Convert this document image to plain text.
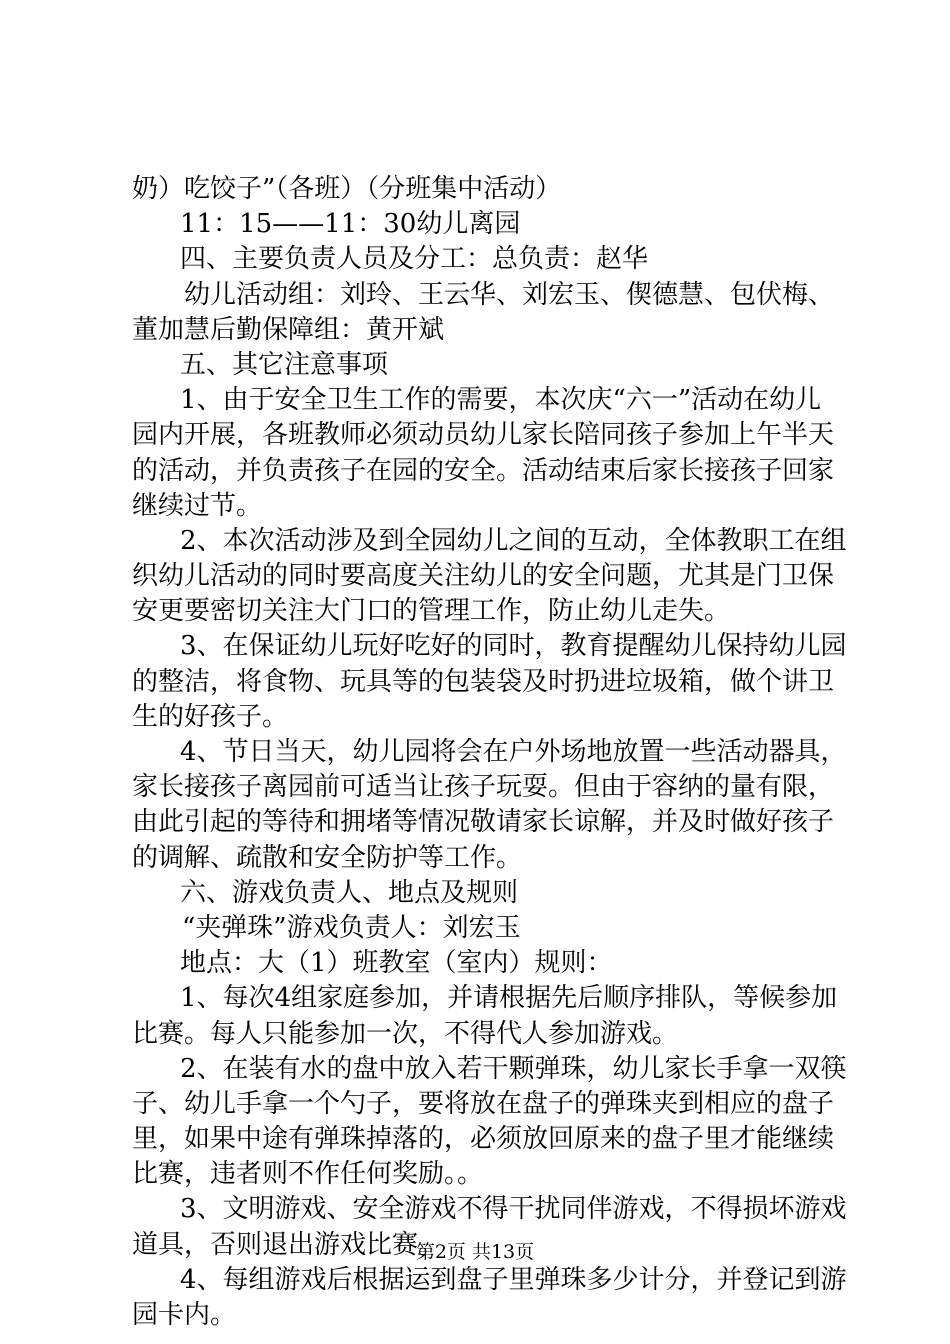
奶）吃饺子”（各班）（分班集中活动）
11：15——11：30幼儿离园
四、主要负责人员及分工：总负责：赵华
幼儿活动组：刘玲、王云华、刘宏玉、偰德慧、包伏梅、
董加慧后勤保障组：黄开斌
五、其它注意事项
1、由于安全卫生工作的需要，本次庆“六一”活动在幼儿
园内开展，各班教师必须动员幼儿家长陪同孩子参加上午半天
的活动，并负责孩子在园的安全。活动结束后家长接孩子回家
继续过节。
2、本次活动涉及到全园幼儿之间的互动，全体教职工在组
织幼儿活动的同时要高度关注幼儿的安全问题，尤其是门卫保
安更要密切关注大门口的管理工作，防止幼儿走失。
3、在保证幼儿玩好吃好的同时，教育提醒幼儿保持幼儿园
的整洁，将食物、玩具等的包装袋及时扔进垃圾箱，做个讲卫
生的好孩子。
4、节日当天，幼儿园将会在户外场地放置一些活动器具，
家长接孩子离园前可适当让孩子玩耍。但由于容纳的量有限，
由此引起的等待和拥堵等情况敬请家长谅解，并及时做好孩子
的调解、疏散和安全防护等工作。
六、游戏负责人、地点及规则
“夹弹珠”游戏负责人：刘宏玉
地点：大（1）班教室（室内）规则：
1、每次4组家庭参加，并请根据先后顺序排队，等候参加
比赛。每人只能参加一次，不得代人参加游戏。
2、在装有水的盘中放入若干颗弹珠，幼儿家长手拿一双筷
子、幼儿手拿一个勺子，要将放在盘子的弹珠夹到相应的盘子
里，如果中途有弹珠掉落的，必须放回原来的盘子里才能继续
比赛，违者则不作任何奖励。。
3、文明游戏、安全游戏不得干扰同伴游戏，不得损坏游戏
道具，否则退出游戏比赛。
4、每组游戏后根据运到盘子里弹珠多少计分，并登记到游
园卡内。
第2页 共13页
